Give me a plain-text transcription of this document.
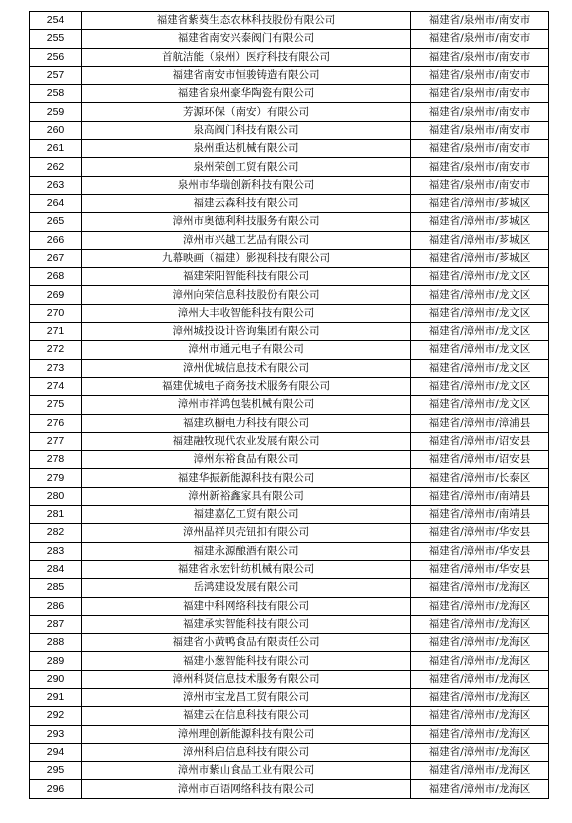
254	福建省紫葵生态农林科技股份有限公司	福建省/泉州市/南安市
255	福建省南安兴泰阀门有限公司	福建省/泉州市/南安市
256	首航洁能（泉州）医疗科技有限公司	福建省/泉州市/南安市
257	福建省南安市恒骏铸造有限公司	福建省/泉州市/南安市
258	福建省泉州豪华陶瓷有限公司	福建省/泉州市/南安市
259	芳源环保（南安）有限公司	福建省/泉州市/南安市
260	泉高阀门科技有限公司	福建省/泉州市/南安市
261	泉州重达机械有限公司	福建省/泉州市/南安市
262	泉州荣创工贸有限公司	福建省/泉州市/南安市
263	泉州市华瑞创新科技有限公司	福建省/泉州市/南安市
264	福建云森科技有限公司	福建省/漳州市/芗城区
265	漳州市奥德利科技服务有限公司	福建省/漳州市/芗城区
266	漳州市兴越工艺品有限公司	福建省/漳州市/芗城区
267	九幕映画（福建）影视科技有限公司	福建省/漳州市/芗城区
268	福建荣阳智能科技有限公司	福建省/漳州市/龙文区
269	漳州向荣信息科技股份有限公司	福建省/漳州市/龙文区
270	漳州大丰收智能科技有限公司	福建省/漳州市/龙文区
271	漳州城投设计咨询集团有限公司	福建省/漳州市/龙文区
272	漳州市通元电子有限公司	福建省/漳州市/龙文区
273	漳州优城信息技术有限公司	福建省/漳州市/龙文区
274	福建优城电子商务技术服务有限公司	福建省/漳州市/龙文区
275	漳州市祥鸿包装机械有限公司	福建省/漳州市/龙文区
276	福建玖橱电力科技有限公司	福建省/漳州市/漳浦县
277	福建融牧现代农业发展有限公司	福建省/漳州市/诏安县
278	漳州东裕食品有限公司	福建省/漳州市/诏安县
279	福建华振新能源科技有限公司	福建省/漳州市/长泰区
280	漳州新裕鑫家具有限公司	福建省/漳州市/南靖县
281	福建嘉亿工贸有限公司	福建省/漳州市/南靖县
282	漳州晶祥贝壳钮扣有限公司	福建省/漳州市/华安县
283	福建永源酿酒有限公司	福建省/漳州市/华安县
284	福建省永宏针纺机械有限公司	福建省/漳州市/华安县
285	岳鸿建设发展有限公司	福建省/漳州市/龙海区
286	福建中科网络科技有限公司	福建省/漳州市/龙海区
287	福建承实智能科技有限公司	福建省/漳州市/龙海区
288	福建省小黄鸭食品有限责任公司	福建省/漳州市/龙海区
289	福建小葱智能科技有限公司	福建省/漳州市/龙海区
290	漳州科贤信息技术服务有限公司	福建省/漳州市/龙海区
291	漳州市宝龙昌工贸有限公司	福建省/漳州市/龙海区
292	福建云在信息科技有限公司	福建省/漳州市/龙海区
293	漳州理创新能源科技有限公司	福建省/漳州市/龙海区
294	漳州科启信息科技有限公司	福建省/漳州市/龙海区
295	漳州市紫山食品工业有限公司	福建省/漳州市/龙海区
296	漳州市百语网络科技有限公司	福建省/漳州市/龙海区
